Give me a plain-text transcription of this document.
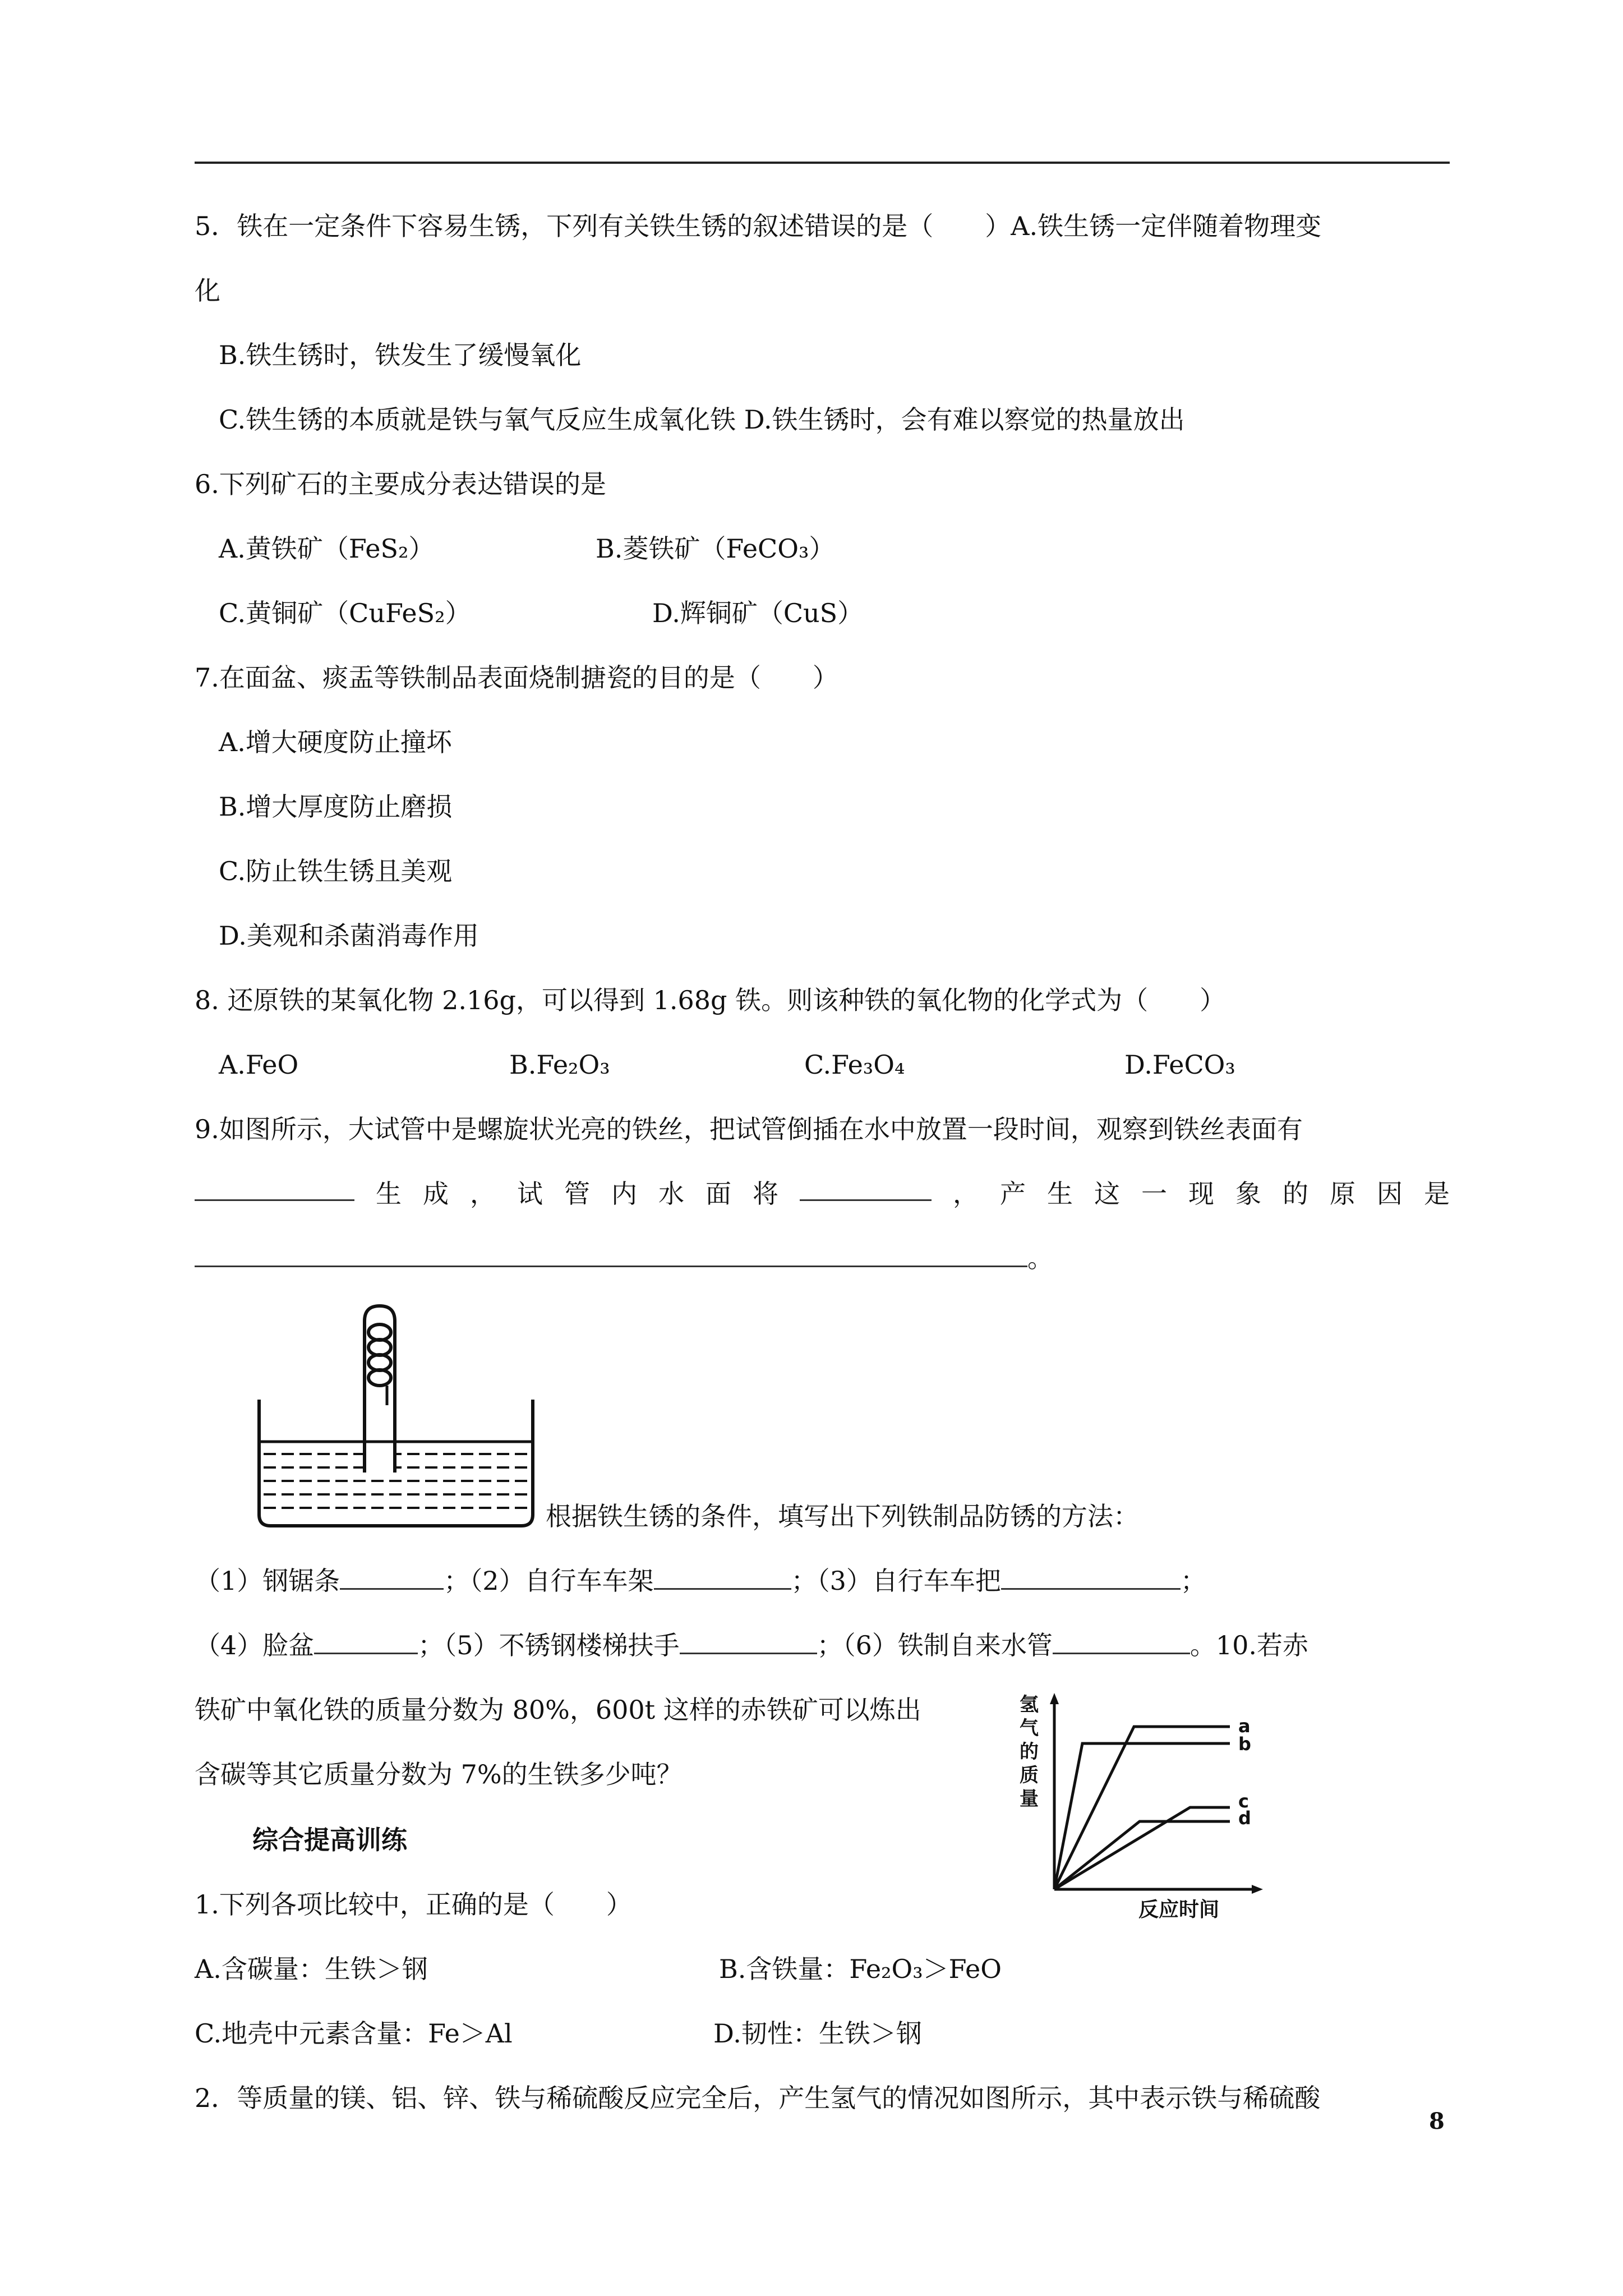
5．铁在一定条件下容易生锈，下列有关铁生锈的叙述错误的是（　　）A.铁生锈一定伴随着物理变
化
B.铁生锈时，铁发生了缓慢氧化
C.铁生锈的本质就是铁与氧气反应生成氧化铁 D.铁生锈时，会有难以察觉的热量放出
6.下列矿石的主要成分表达错误的是
A.黄铁矿（FeS₂）	B.菱铁矿（FeCO₃）
C.黄铜矿（CuFeS₂）	D.辉铜矿（CuS）
7.在面盆、痰盂等铁制品表面烧制搪瓷的目的是（　　）
A.增大硬度防止撞坏
B.增大厚度防止磨损
C.防止铁生锈且美观
D.美观和杀菌消毒作用
8. 还原铁的某氧化物 2.16g，可以得到 1.68g 铁。则该种铁的氧化物的化学式为（　　）
A.FeO	B.Fe₂O₃	C.Fe₃O₄	D.FeCO₃
9.如图所示，大试管中是螺旋状光亮的铁丝，把试管倒插在水中放置一段时间，观察到铁丝表面有
生 成 ， 试 管 内 水 面 将	， 产 生 这 一 现 象 的 原 因 是
。
根据铁生锈的条件，填写出下列铁制品防锈的方法：
（1）钢锯条	；（2）自行车车架	；（3）自行车车把	；
（4）脸盆	；（5）不锈钢楼梯扶手	；（6）铁制自来水管	。10.若赤
铁矿中氧化铁的质量分数为 80%，600t 这样的赤铁矿可以炼出
含碳等其它质量分数为 7%的生铁多少吨？
氢
气
的
质
量
a
b
c
d
反应时间
综合提高训练
1.下列各项比较中，正确的是（　　）
A.含碳量：生铁＞钢	B.含铁量：Fe₂O₃＞FeO
C.地壳中元素含量：Fe＞Al	D.韧性：生铁＞钢
2．等质量的镁、铝、锌、铁与稀硫酸反应完全后，产生氢气的情况如图所示，其中表示铁与稀硫酸
8
